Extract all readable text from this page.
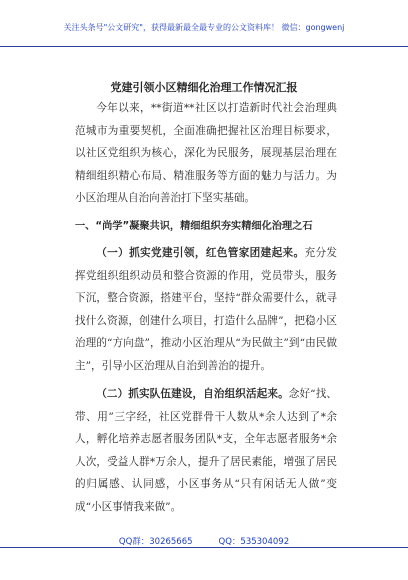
关注头条号"公文研究"，获得最新最全最专业的公文资料库！ 微信：gongwenj
党建引领小区精细化治理工作情况汇报

今年以来，**街道**社区以打造新时代社会治理典范城市为重要契机，全面准确把握社区治理目标要求，以社区党组织为核心，深化为民服务，展现基层治理在精细组织精心布局、精准服务等方面的魅力与活力。为小区治理从自治向善治打下坚实基础。

一、“尚学”凝聚共识，精细组织夯实精细化治理之石

（一）抓实党建引领，红色管家团建起来。充分发挥党组织组织动员和整合资源的作用，党员带头，服务下沉，整合资源，搭建平台，坚持“群众需要什么，就寻找什么资源，创建什么项目，打造什么品牌”，把稳小区治理的“方向盘”，推动小区治理从“为民做主”到“由民做主”，引导小区治理从自治到善治的提升。

（二）抓实队伍建设，自治组织活起来。念好“找、带、用”三字经，社区党群骨干人数从*余人达到了*余人，孵化培养志愿者服务团队*支，全年志愿者服务*余人次，受益人群*万余人，提升了居民素能，增强了居民的归属感、认同感，小区事务从“只有闲话无人做”变成“小区事情我来做”。

QQ群：30265665	QQ：535304092
